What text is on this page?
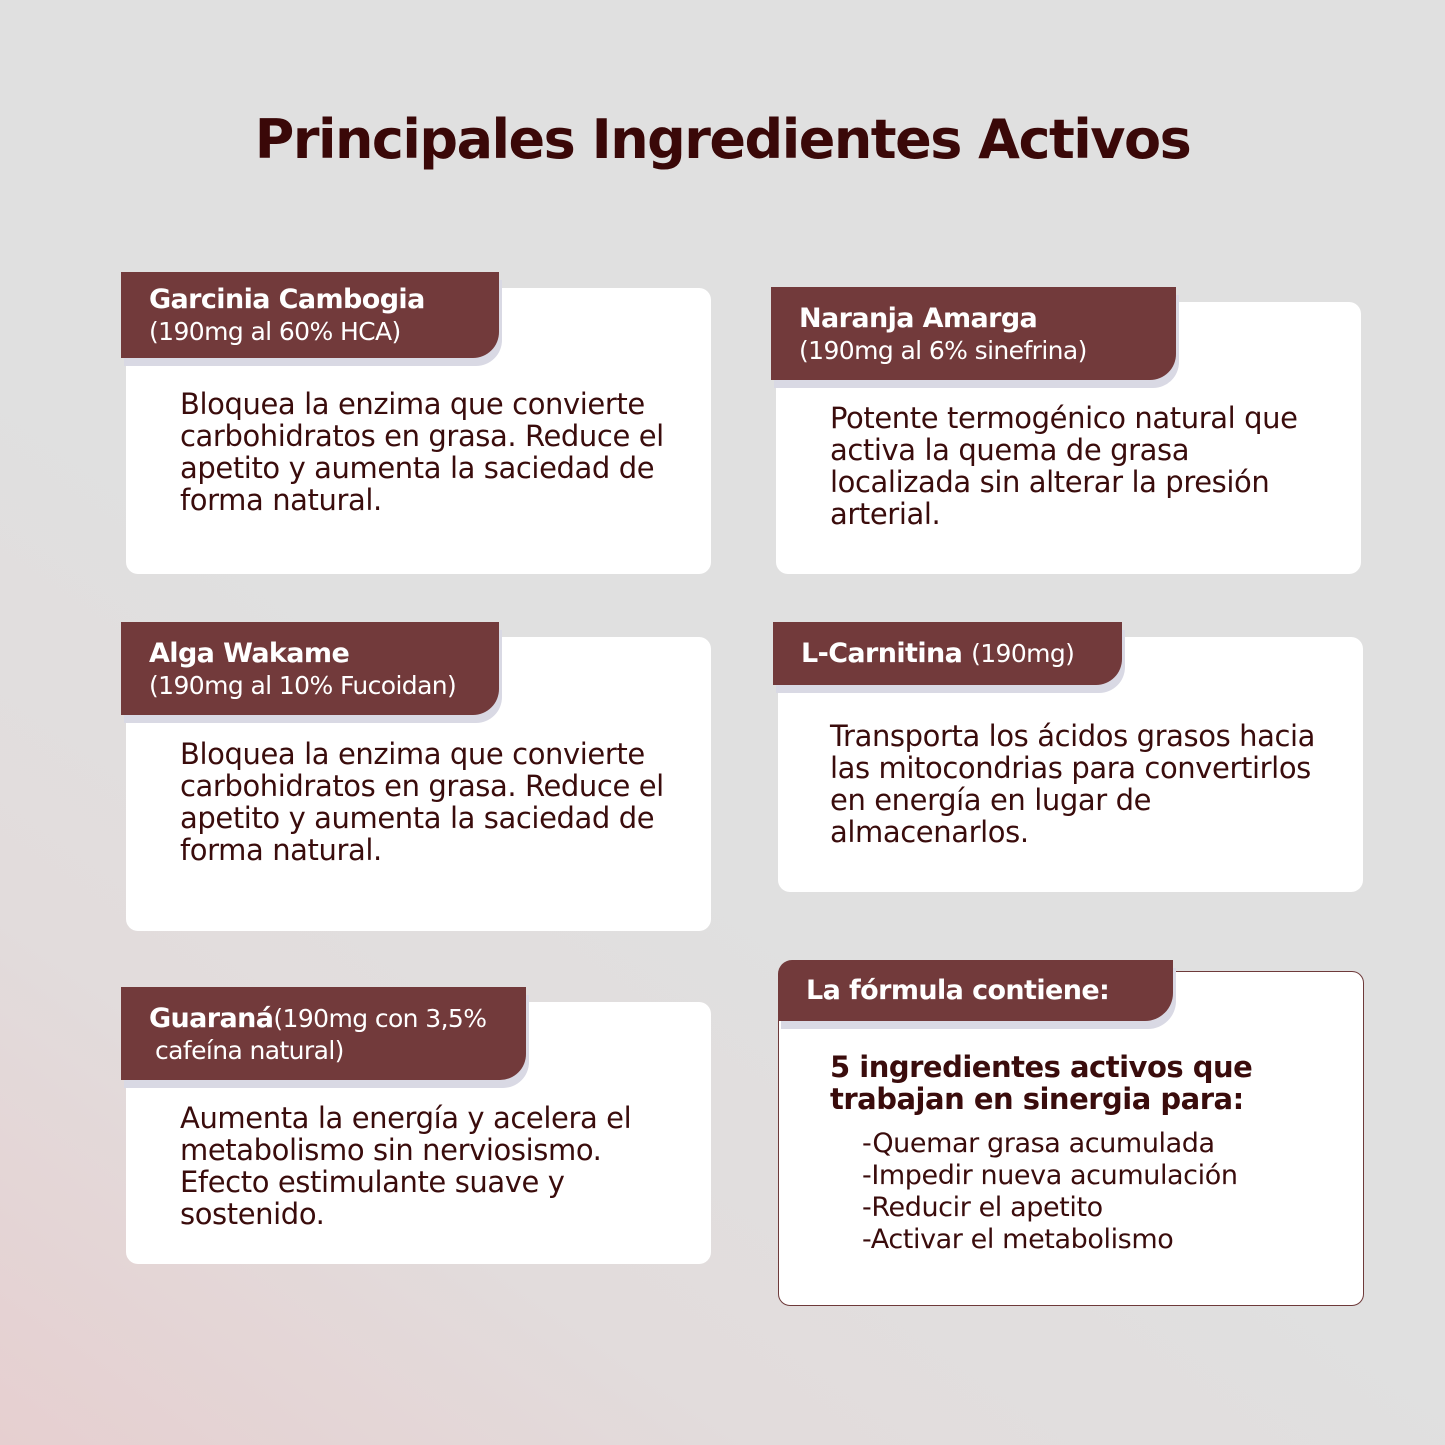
Principales Ingredientes Activos
Garcinia Cambogia
(190mg al 60% HCA)

Bloquea la enzima que convierte carbohidratos en grasa. Reduce el apetito y aumenta la saciedad de forma natural.

Naranja Amarga
(190mg al 6% sinefrina)

Potente termogénico natural que activa la quema de grasa localizada sin alterar la presión arterial.

Alga Wakame
(190mg al 10% Fucoidan)

Bloquea la enzima que convierte carbohidratos en grasa. Reduce el apetito y aumenta la saciedad de forma natural.

L-Carnitina (190mg)

Transporta los ácidos grasos hacia las mitocondrias para convertirlos en energía en lugar de almacenarlos.

Guaraná(190mg con 3,5%
cafeína natural)

Aumenta la energía y acelera el metabolismo sin nerviosismo. Efecto estimulante suave y sostenido.

La fórmula contiene:

5 ingredientes activos que trabajan en sinergia para:

-Quemar grasa acumulada
-Impedir nueva acumulación
-Reducir el apetito
-Activar el metabolismo
